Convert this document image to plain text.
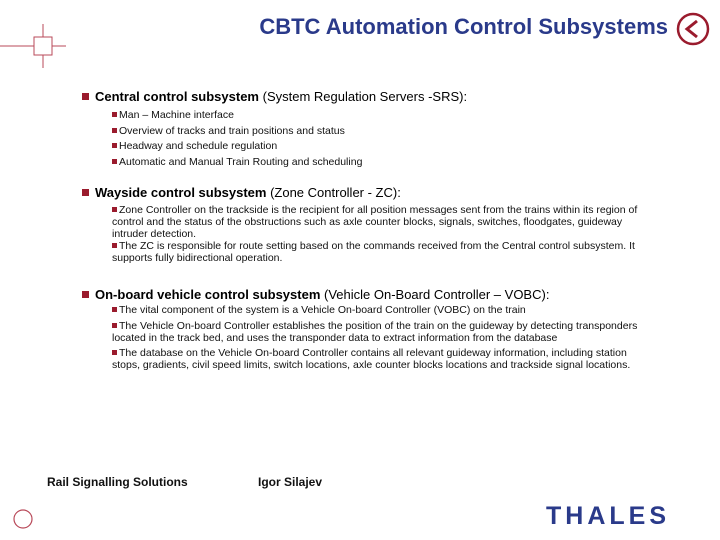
CBTC Automation Control Subsystems
Central control subsystem (System Regulation Servers -SRS):
Man – Machine interface
Overview of tracks and train positions and status
Headway and schedule regulation
Automatic and Manual Train Routing and scheduling
Wayside control subsystem (Zone Controller - ZC):
Zone Controller on the trackside is the recipient for all position messages sent from the trains within its region of control and the status of the obstructions such as axle counter blocks, signals, switches, floodgates, guideway intruder detection.
The ZC is responsible for route setting based on the commands received from the Central control subsystem. It supports fully bidirectional operation.
On-board vehicle control subsystem (Vehicle On-Board Controller – VOBC):
The vital component of the system is a Vehicle On-board Controller (VOBC) on the train
The Vehicle On-board Controller establishes the position of the train on the guideway by detecting transponders located in the track bed, and uses the transponder data to extract information from the database
The database on the Vehicle On-board Controller contains all relevant guideway information, including station stops, gradients, civil speed limits, switch locations, axle counter blocks locations and trackside signal locations.
Rail Signalling Solutions	Igor Silajev
THALES
